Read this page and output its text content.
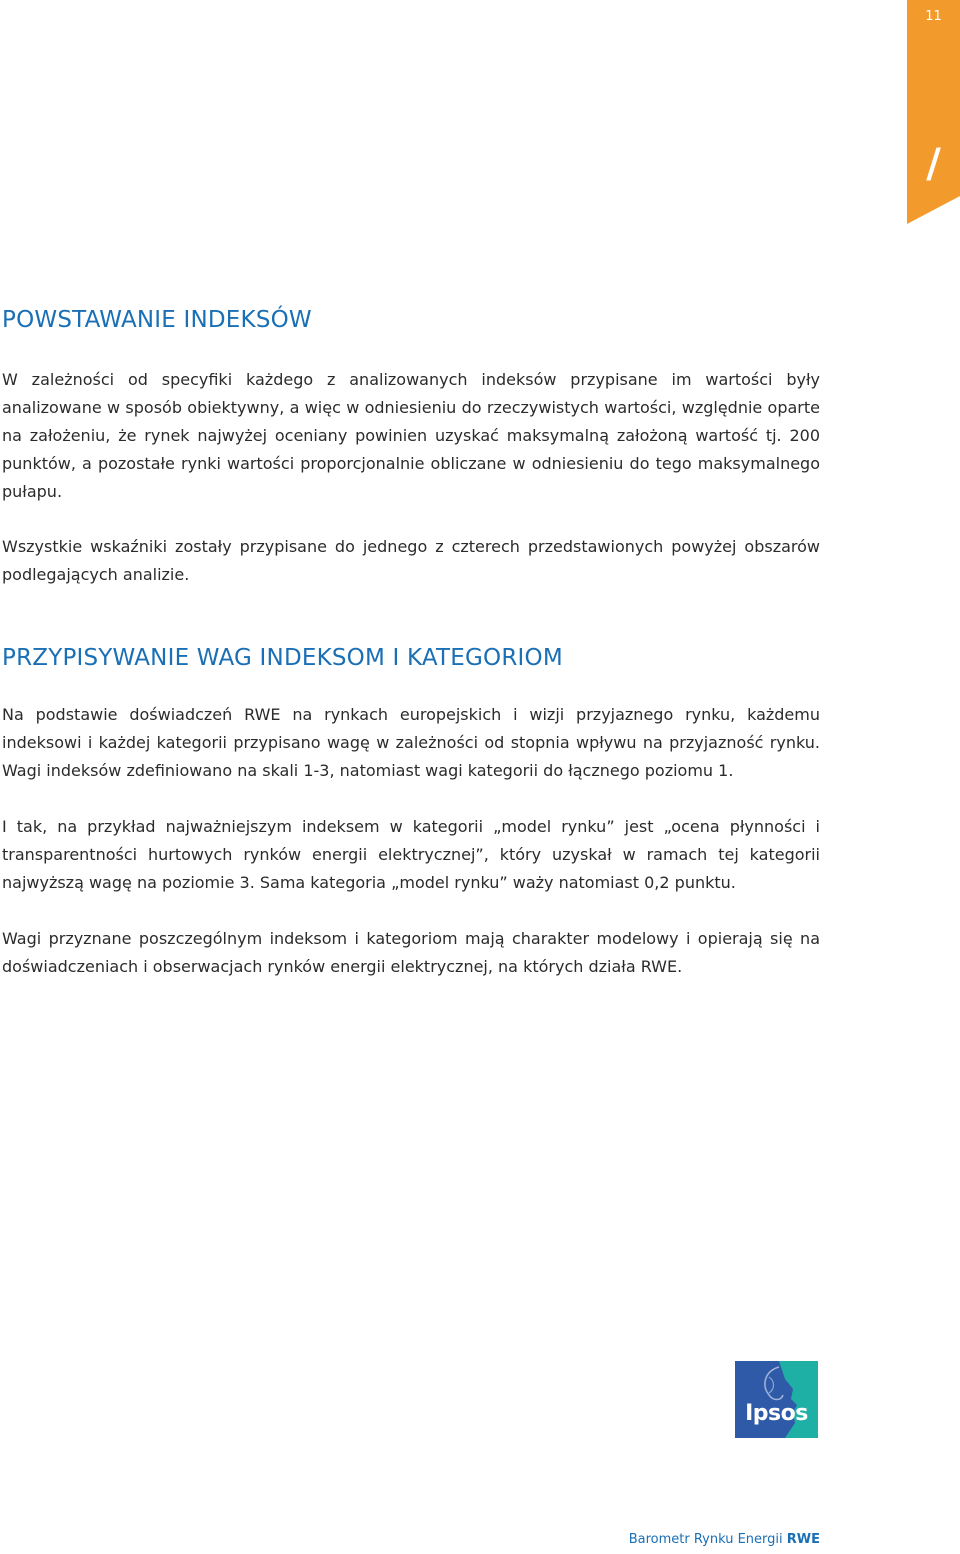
11
/
POWSTAWANIE INDEKSÓW

W zależności od specyfiki każdego z analizowanych indeksów przypisane im wartości były analizowane w sposób obiektywny, a więc w odniesieniu do rzeczywistych wartości, względnie oparte na założeniu, że rynek najwyżej oceniany powinien uzyskać maksymalną założoną wartość tj. 200 punktów, a pozostałe rynki wartości proporcjonalnie obliczane w odniesieniu do tego maksymalnego pułapu.

Wszystkie wskaźniki zostały przypisane do jednego z czterech przedstawionych powyżej obszarów podlegających analizie.

PRZYPISYWANIE WAG INDEKSOM I KATEGORIOM

Na podstawie doświadczeń RWE na rynkach europejskich i wizji przyjaznego rynku, każdemu indeksowi i każdej kategorii przypisano wagę w zależności od stopnia wpływu na przyjazność rynku. Wagi indeksów zdefiniowano na skali 1-3, natomiast wagi kategorii do łącznego poziomu 1.

I tak, na przykład najważniejszym indeksem w kategorii „model rynku” jest „ocena płynności i transparentności hurtowych rynków energii elektrycznej”, który uzyskał w ramach tej kategorii najwyższą wagę na poziomie 3. Sama kategoria „model rynku” waży natomiast 0,2 punktu.

Wagi przyznane poszczególnym indeksom i kategoriom mają charakter modelowy i opierają się na doświadczeniach i obserwacjach rynków energii elektrycznej, na których działa RWE.

Ipsos
Barometr Rynku Energii RWE
